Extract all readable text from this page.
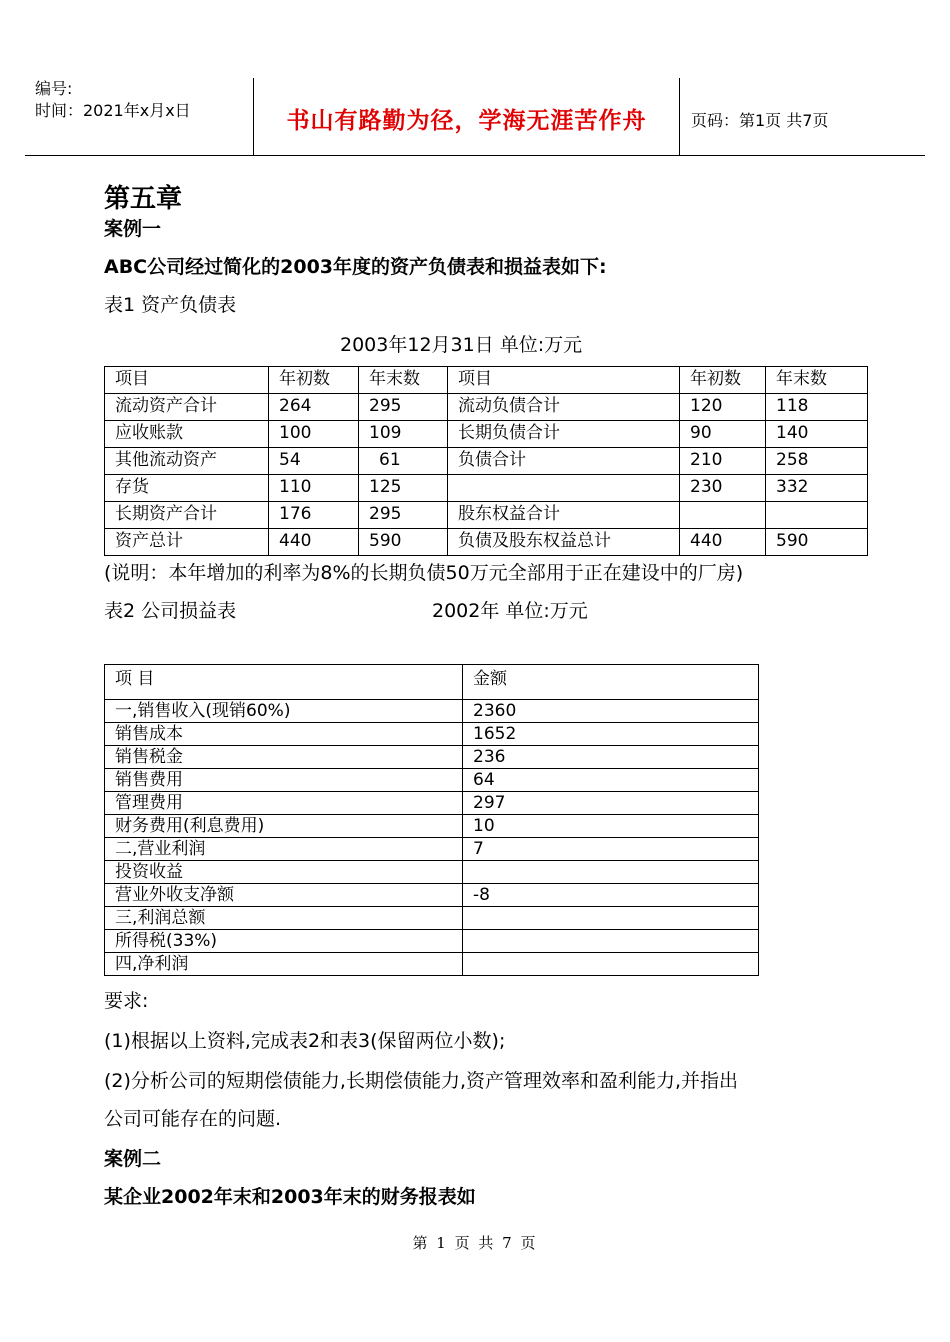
编号:
时间：2021年x月x日	书山有路勤为径，学海无涯苦作舟	页码：第1页 共7页
第五章
案例一
ABC公司经过简化的2003年度的资产负债表和损益表如下:
表1 资产负债表
2003年12月31日 单位:万元
项目	年初数	年末数	项目	年初数	年末数
流动资产合计	264	295	流动负债合计	120	118
应收账款	100	109	长期负债合计	90	140
其他流动资产	54	61	负债合计	210	258
存货	110	125		230	332
长期资产合计	176	295	股东权益合计		
资产总计	440	590	负债及股东权益总计	440	590
(说明：本年增加的利率为8%的长期负债50万元全部用于正在建设中的厂房)
表2 公司损益表	2002年 单位:万元
项 目	金额
一,销售收入(现销60%)	2360
销售成本	1652
销售税金	236
销售费用	64
管理费用	297
财务费用(利息费用)	10
二,营业利润	7
投资收益	
营业外收支净额	-8
三,利润总额	
所得税(33%)	
四,净利润	
要求:
(1)根据以上资料,完成表2和表3(保留两位小数);
(2)分析公司的短期偿债能力,长期偿债能力,资产管理效率和盈利能力,并指出
公司可能存在的问题.
案例二
某企业2002年末和2003年末的财务报表如
第 1 页 共 7 页
